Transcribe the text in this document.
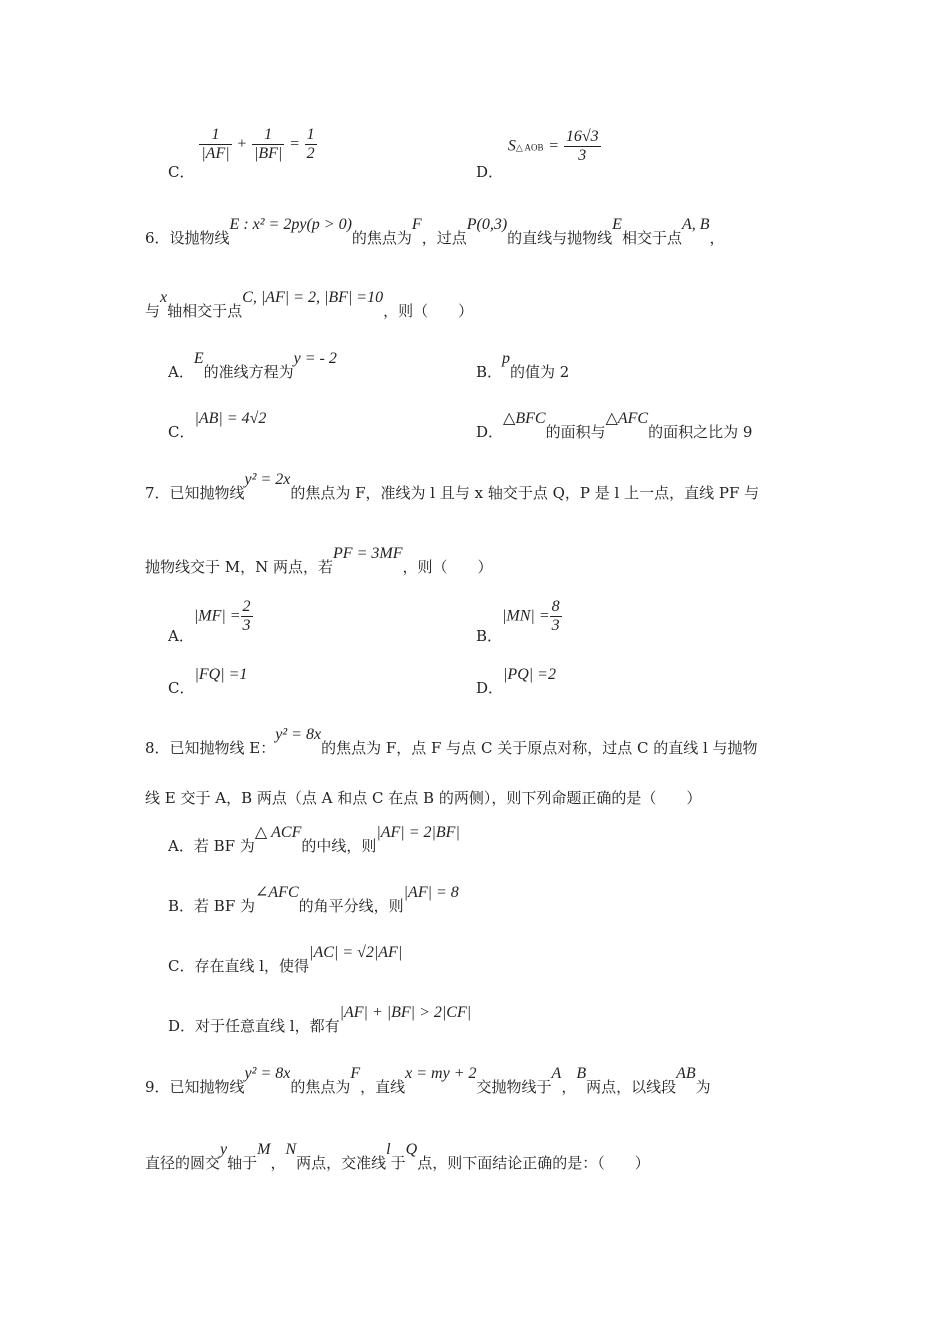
C．
$\frac{1}{|AF|} + \frac{1}{|BF|} = \frac{1}{2}$
D． S△ AOB = $\frac{16√3}{3}$
6．设抛物线E : x² = 2py(p > 0)的焦点为F，过点P(0,3)的直线与抛物线E相交于点A, B，
与x轴相交于点C, |AF| = 2, |BF| =10，则（　　）
A．E的准线方程为y = - 2
B．p的值为 2
C．|AB| = 4√2
D．△BFC的面积与△AFC的面积之比为 9
7．已知抛物线y² = 2x的焦点为 F，准线为 l 且与 x 轴交于点 Q，P 是 l 上一点，直线 PF 与
抛物线交于 M，N 两点，若PF = 3MF，则（　　）
A．$|MF| = \frac{2}{3}$
B．$|MN| = \frac{8}{3}$
C．|FQ| =1
D．|PQ| =2
8．已知抛物线 E：y² = 8x的焦点为 F，点 F 与点 C 关于原点对称，过点 C 的直线 l 与抛物
线 E 交于 A，B 两点（点 A 和点 C 在点 B 的两侧），则下列命题正确的是（　　）
A．若 BF 为△ ACF的中线，则|AF| = 2|BF|
B．若 BF 为∠AFC的角平分线，则|AF| = 8
C．存在直线 l，使得|AC| = √2|AF|
D．对于任意直线 l，都有|AF| + |BF| > 2|CF|
9．已知抛物线y² = 8x的焦点为F，直线x = my + 2交抛物线于A，B两点，以线段AB为
直径的圆交y轴于M，N两点，交准线l于Q点，则下面结论正确的是：（　　）
